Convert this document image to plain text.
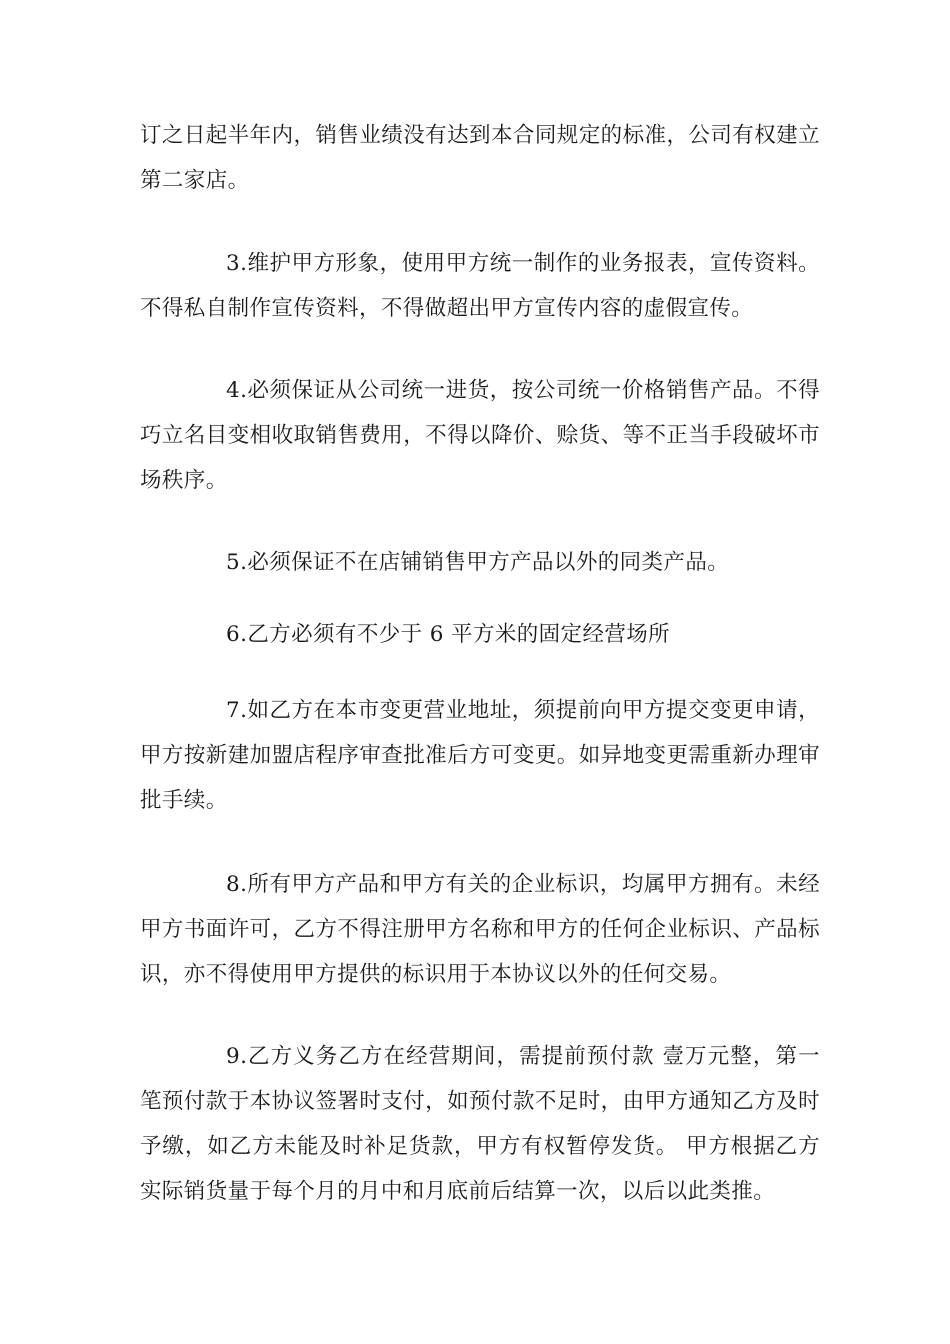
订之日起半年内，销售业绩没有达到本合同规定的标准，公司有权建立第二家店。

3.维护甲方形象，使用甲方统一制作的业务报表，宣传资料。不得私自制作宣传资料，不得做超出甲方宣传内容的虚假宣传。

4.必须保证从公司统一进货，按公司统一价格销售产品。不得巧立名目变相收取销售费用，不得以降价、赊货、等不正当手段破坏市场秩序。

5.必须保证不在店铺销售甲方产品以外的同类产品。

6.乙方必须有不少于 6 平方米的固定经营场所

7.如乙方在本市变更营业地址，须提前向甲方提交变更申请，甲方按新建加盟店程序审查批准后方可变更。如异地变更需重新办理审批手续。

8.所有甲方产品和甲方有关的企业标识，均属甲方拥有。未经甲方书面许可，乙方不得注册甲方名称和甲方的任何企业标识、产品标识，亦不得使用甲方提供的标识用于本协议以外的任何交易。

9.乙方义务乙方在经营期间，需提前预付款 壹万元整，第一笔预付款于本协议签署时支付，如预付款不足时，由甲方通知乙方及时予缴，如乙方未能及时补足货款，甲方有权暂停发货。 甲方根据乙方实际销货量于每个月的月中和月底前后结算一次，以后以此类推。
